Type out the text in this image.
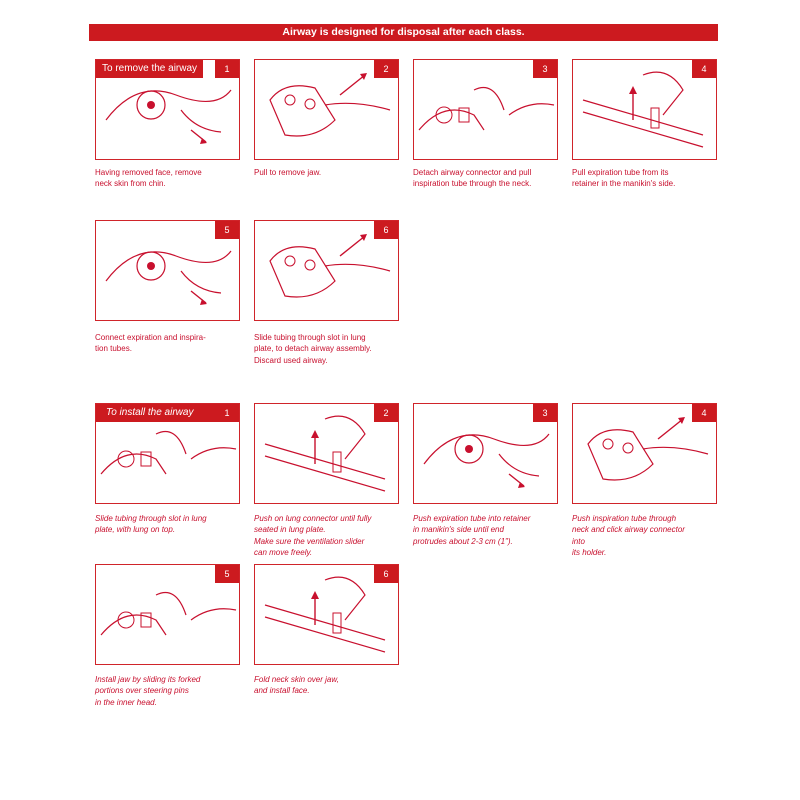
Airway is designed for disposal after each class.
To remove the airway	1
Having removed face, remove
neck skin from chin.
2
Pull to remove jaw.
3
Detach airway connector and pull
inspiration tube through the neck.
4
Pull expiration tube from its
retainer in the manikin's side.
5
Connect expiration and inspira-
tion tubes.
6
Slide tubing through slot in lung
plate, to detach airway assembly.
Discard used airway.
To install the airway	1
Slide tubing through slot in lung
plate, with lung on top.
2
Push on lung connector until fully
seated in lung plate.
Make sure the ventilation slider
can move freely.
3
Push expiration tube into retainer
in manikin's side until end
protrudes about 2-3 cm (1").
4
Push inspiration tube through
neck and click airway connector
into
its holder.
5
Install jaw by sliding its forked
portions over steering pins
in the inner head.
6
Fold neck skin over jaw,
and install face.
